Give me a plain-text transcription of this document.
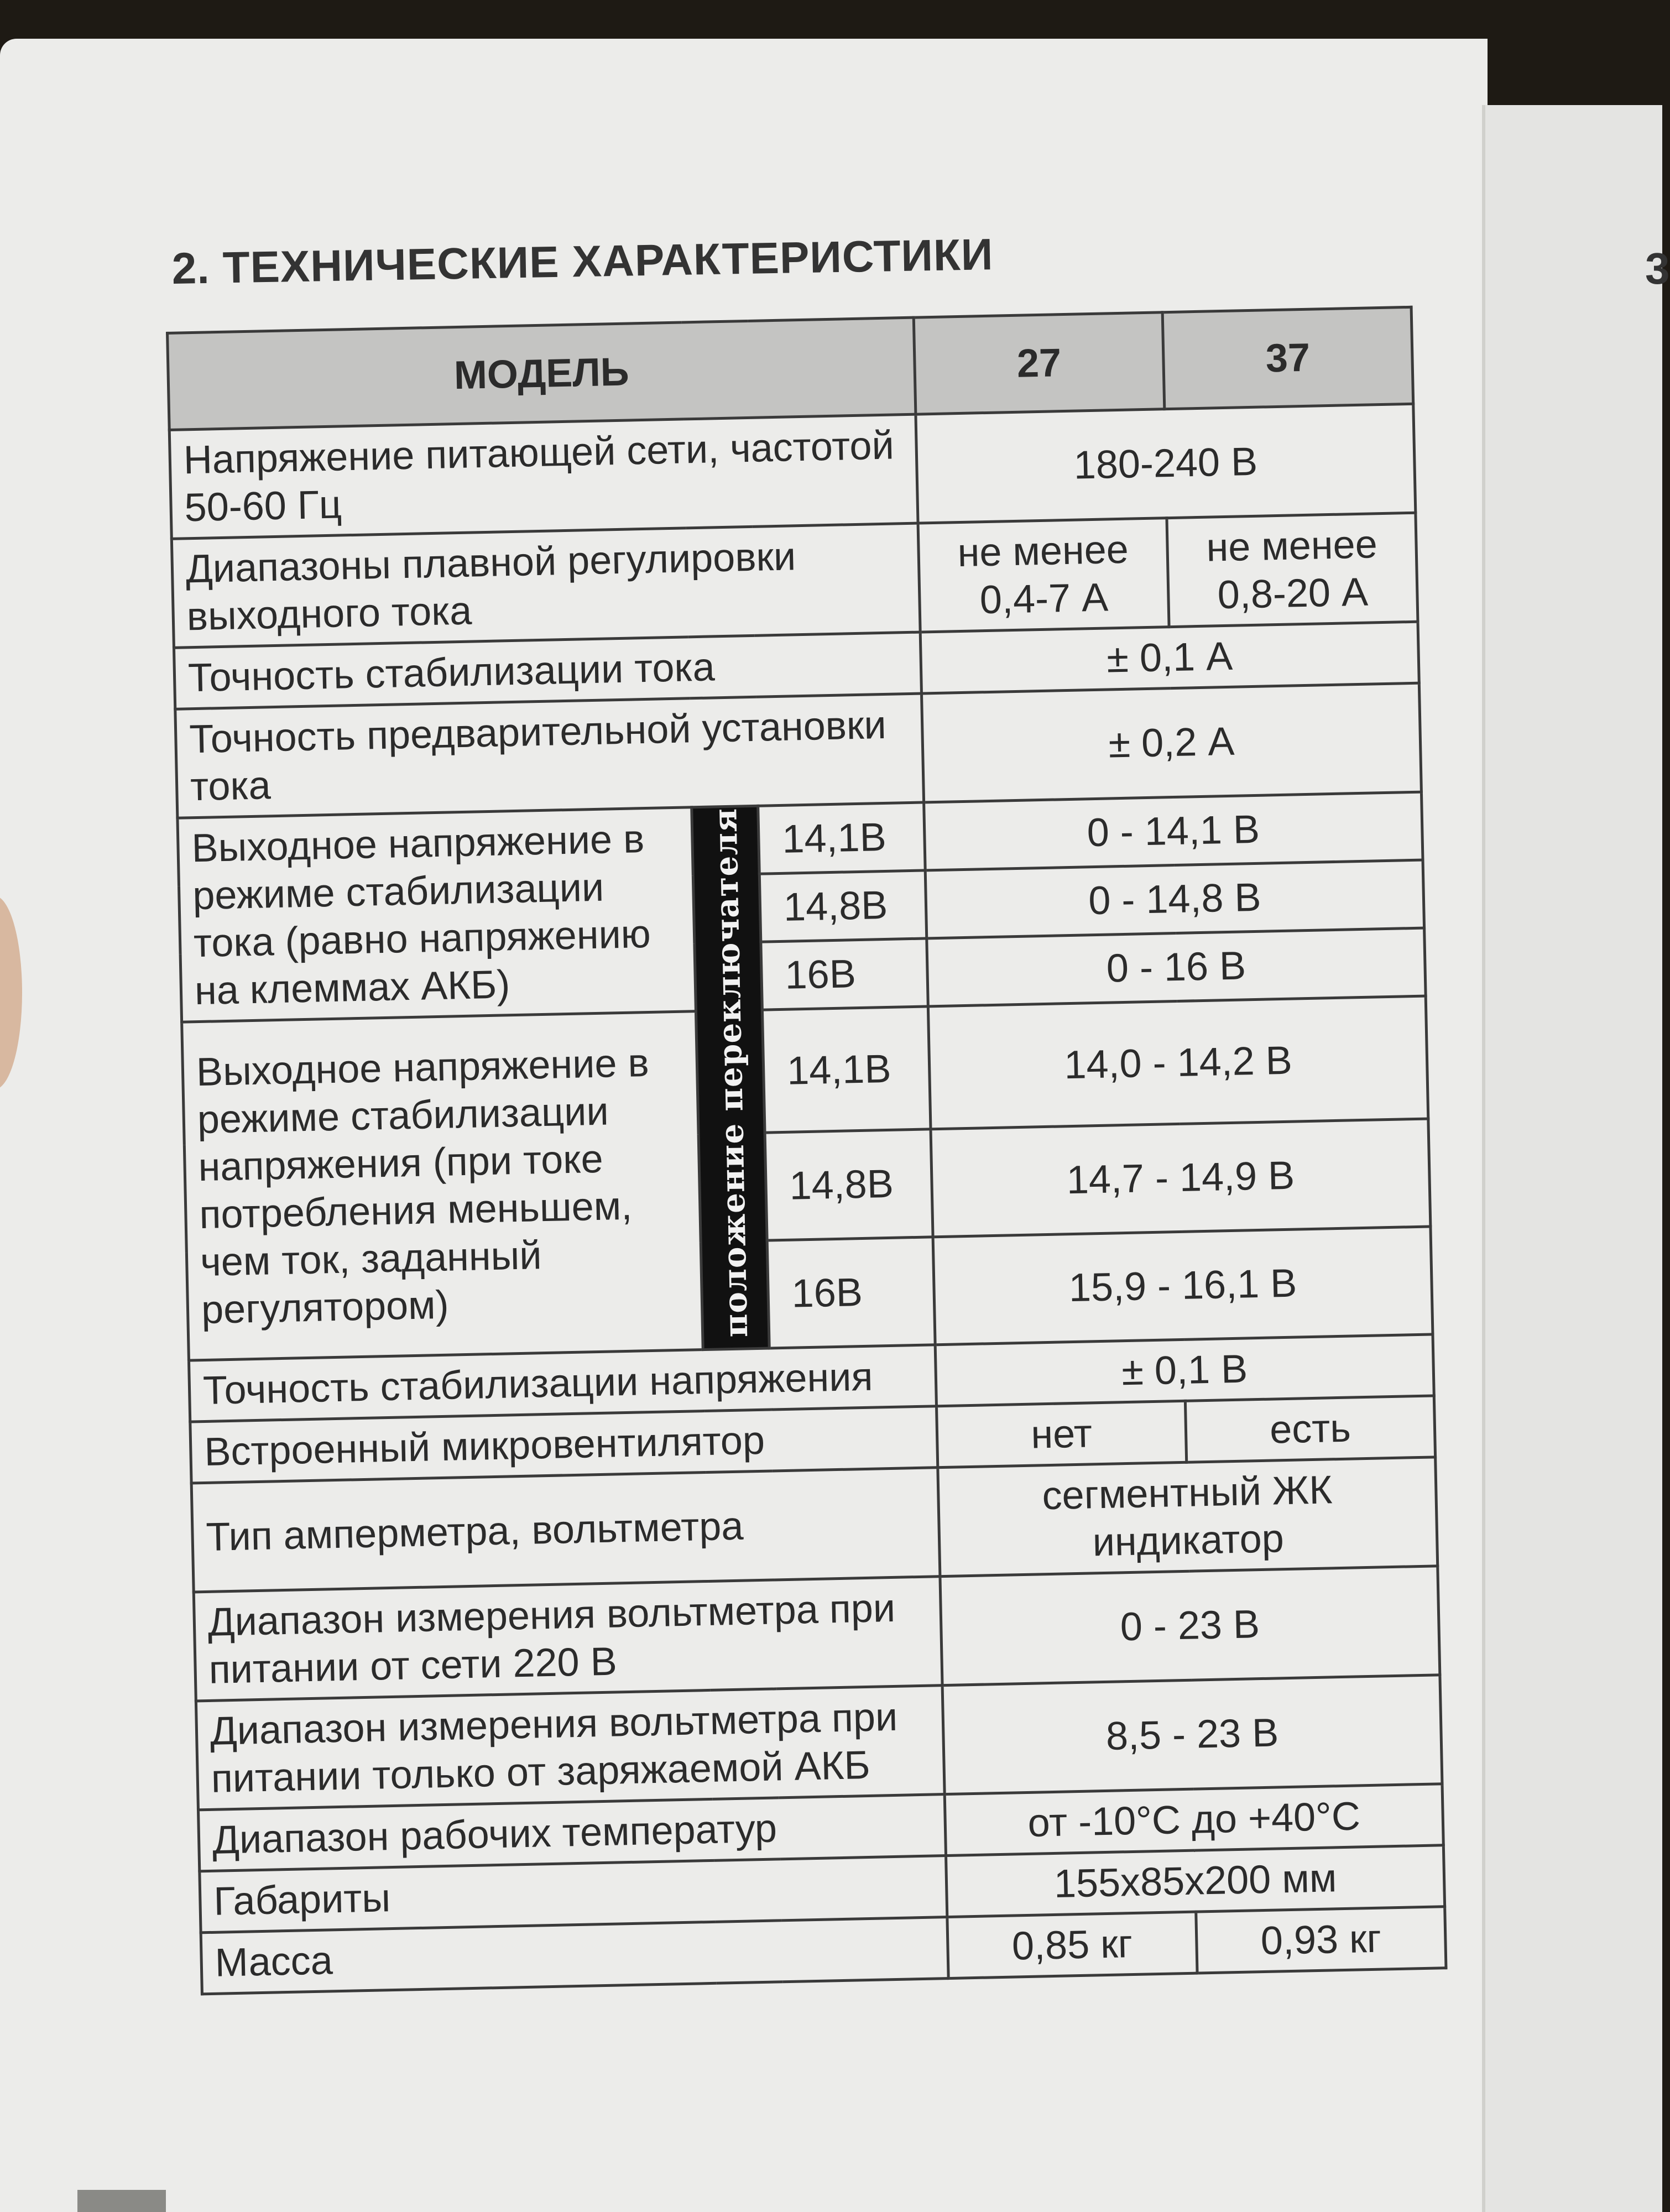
3
2. ТЕХНИЧЕСКИЕ ХАРАКТЕРИСТИКИ
МОДЕЛЬ			27	37
Напряжение питающей сети, частотой 50-60 Гц			180-240 В	
Диапазоны плавной регулировки выходного тока			не менее 0,4-7 А	не менее 0,8-20 А
Точность стабилизации тока			± 0,1 А	
Точность предварительной установки тока			± 0,2 А	
Выходное напряжение в режиме стабилизации тока (равно напряжению на клеммах АКБ)	положение переключателя	14,1В	0 - 14,1 В	
		14,8В	0 - 14,8 В	
		16В	0 - 16 В	
Выходное напряжение в режиме стабилизации напряжения (при токе потребления меньшем, чем ток, заданный регулятором)		14,1В	14,0 - 14,2 В	
		14,8В	14,7 - 14,9 В	
		16В	15,9 - 16,1 В	
Точность стабилизации напряжения			± 0,1 В	
Встроенный микровентилятор			нет	есть
Тип амперметра, вольтметра			сегментный ЖК индикатор	
Диапазон измерения вольтметра при питании от сети 220 В			0 - 23 В	
Диапазон измерения вольтметра при питании только от заряжаемой АКБ			8,5 - 23 В	
Диапазон рабочих температур			от -10°С до +40°С	
Габариты			155x85x200 мм	
Масса			0,85 кг	0,93 кг
